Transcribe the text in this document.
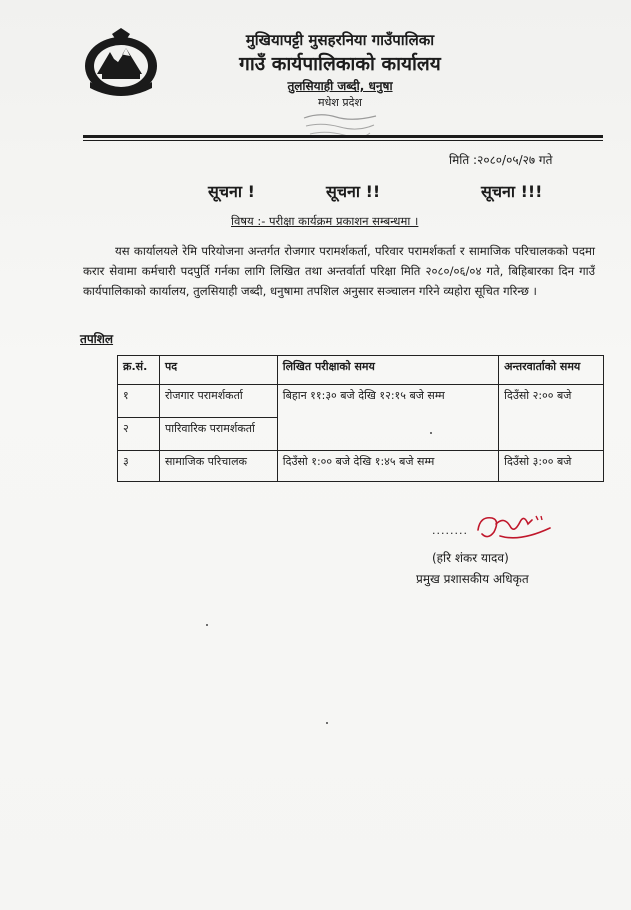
मुखियापट्टी मुसहरनिया गाउँपालिका
गाउँ कार्यपालिकाको कार्यालय
तुलसियाही जब्दी, धनुषा
मधेश प्रदेश
मिति :२०८०/०५/२७ गते
सूचना !	सूचना !!	सूचना !!!
विषय :- परीक्षा कार्यक्रम प्रकाशन सम्बन्धमा ।
यस कार्यालयले रेमि परियोजना अन्तर्गत रोजगार परामर्शकर्ता, परिवार परामर्शकर्ता र सामाजिक परिचालकको पदमा करार सेवामा कर्मचारी पदपुर्ति गर्नका लागि लिखित तथा अन्तर्वार्ता परिक्षा मिति २०८०/०६/०४ गते, बिहिबारका दिन गाउँ कार्यपालिकाको कार्यालय, तुलसियाही जब्दी, धनुषामा तपशिल अनुसार सञ्चालन गरिने व्यहोरा सूचित गरिन्छ ।
तपशिल
क्र.सं.	पद	लिखित परीक्षाको समय	अन्तरवार्ताको समय
१	रोजगार परामर्शकर्ता	बिहान ११:३० बजे देखि १२:१५ बजे सम्म	दिउँसो २:०० बजे
२	पारिवारिक परामर्शकर्ता		
३	सामाजिक परिचालक	दिउँसो १:०० बजे देखि १:४५ बजे सम्म	दिउँसो ३:०० बजे
........
(हरि शंकर यादव)
प्रमुख प्रशासकीय अधिकृत
